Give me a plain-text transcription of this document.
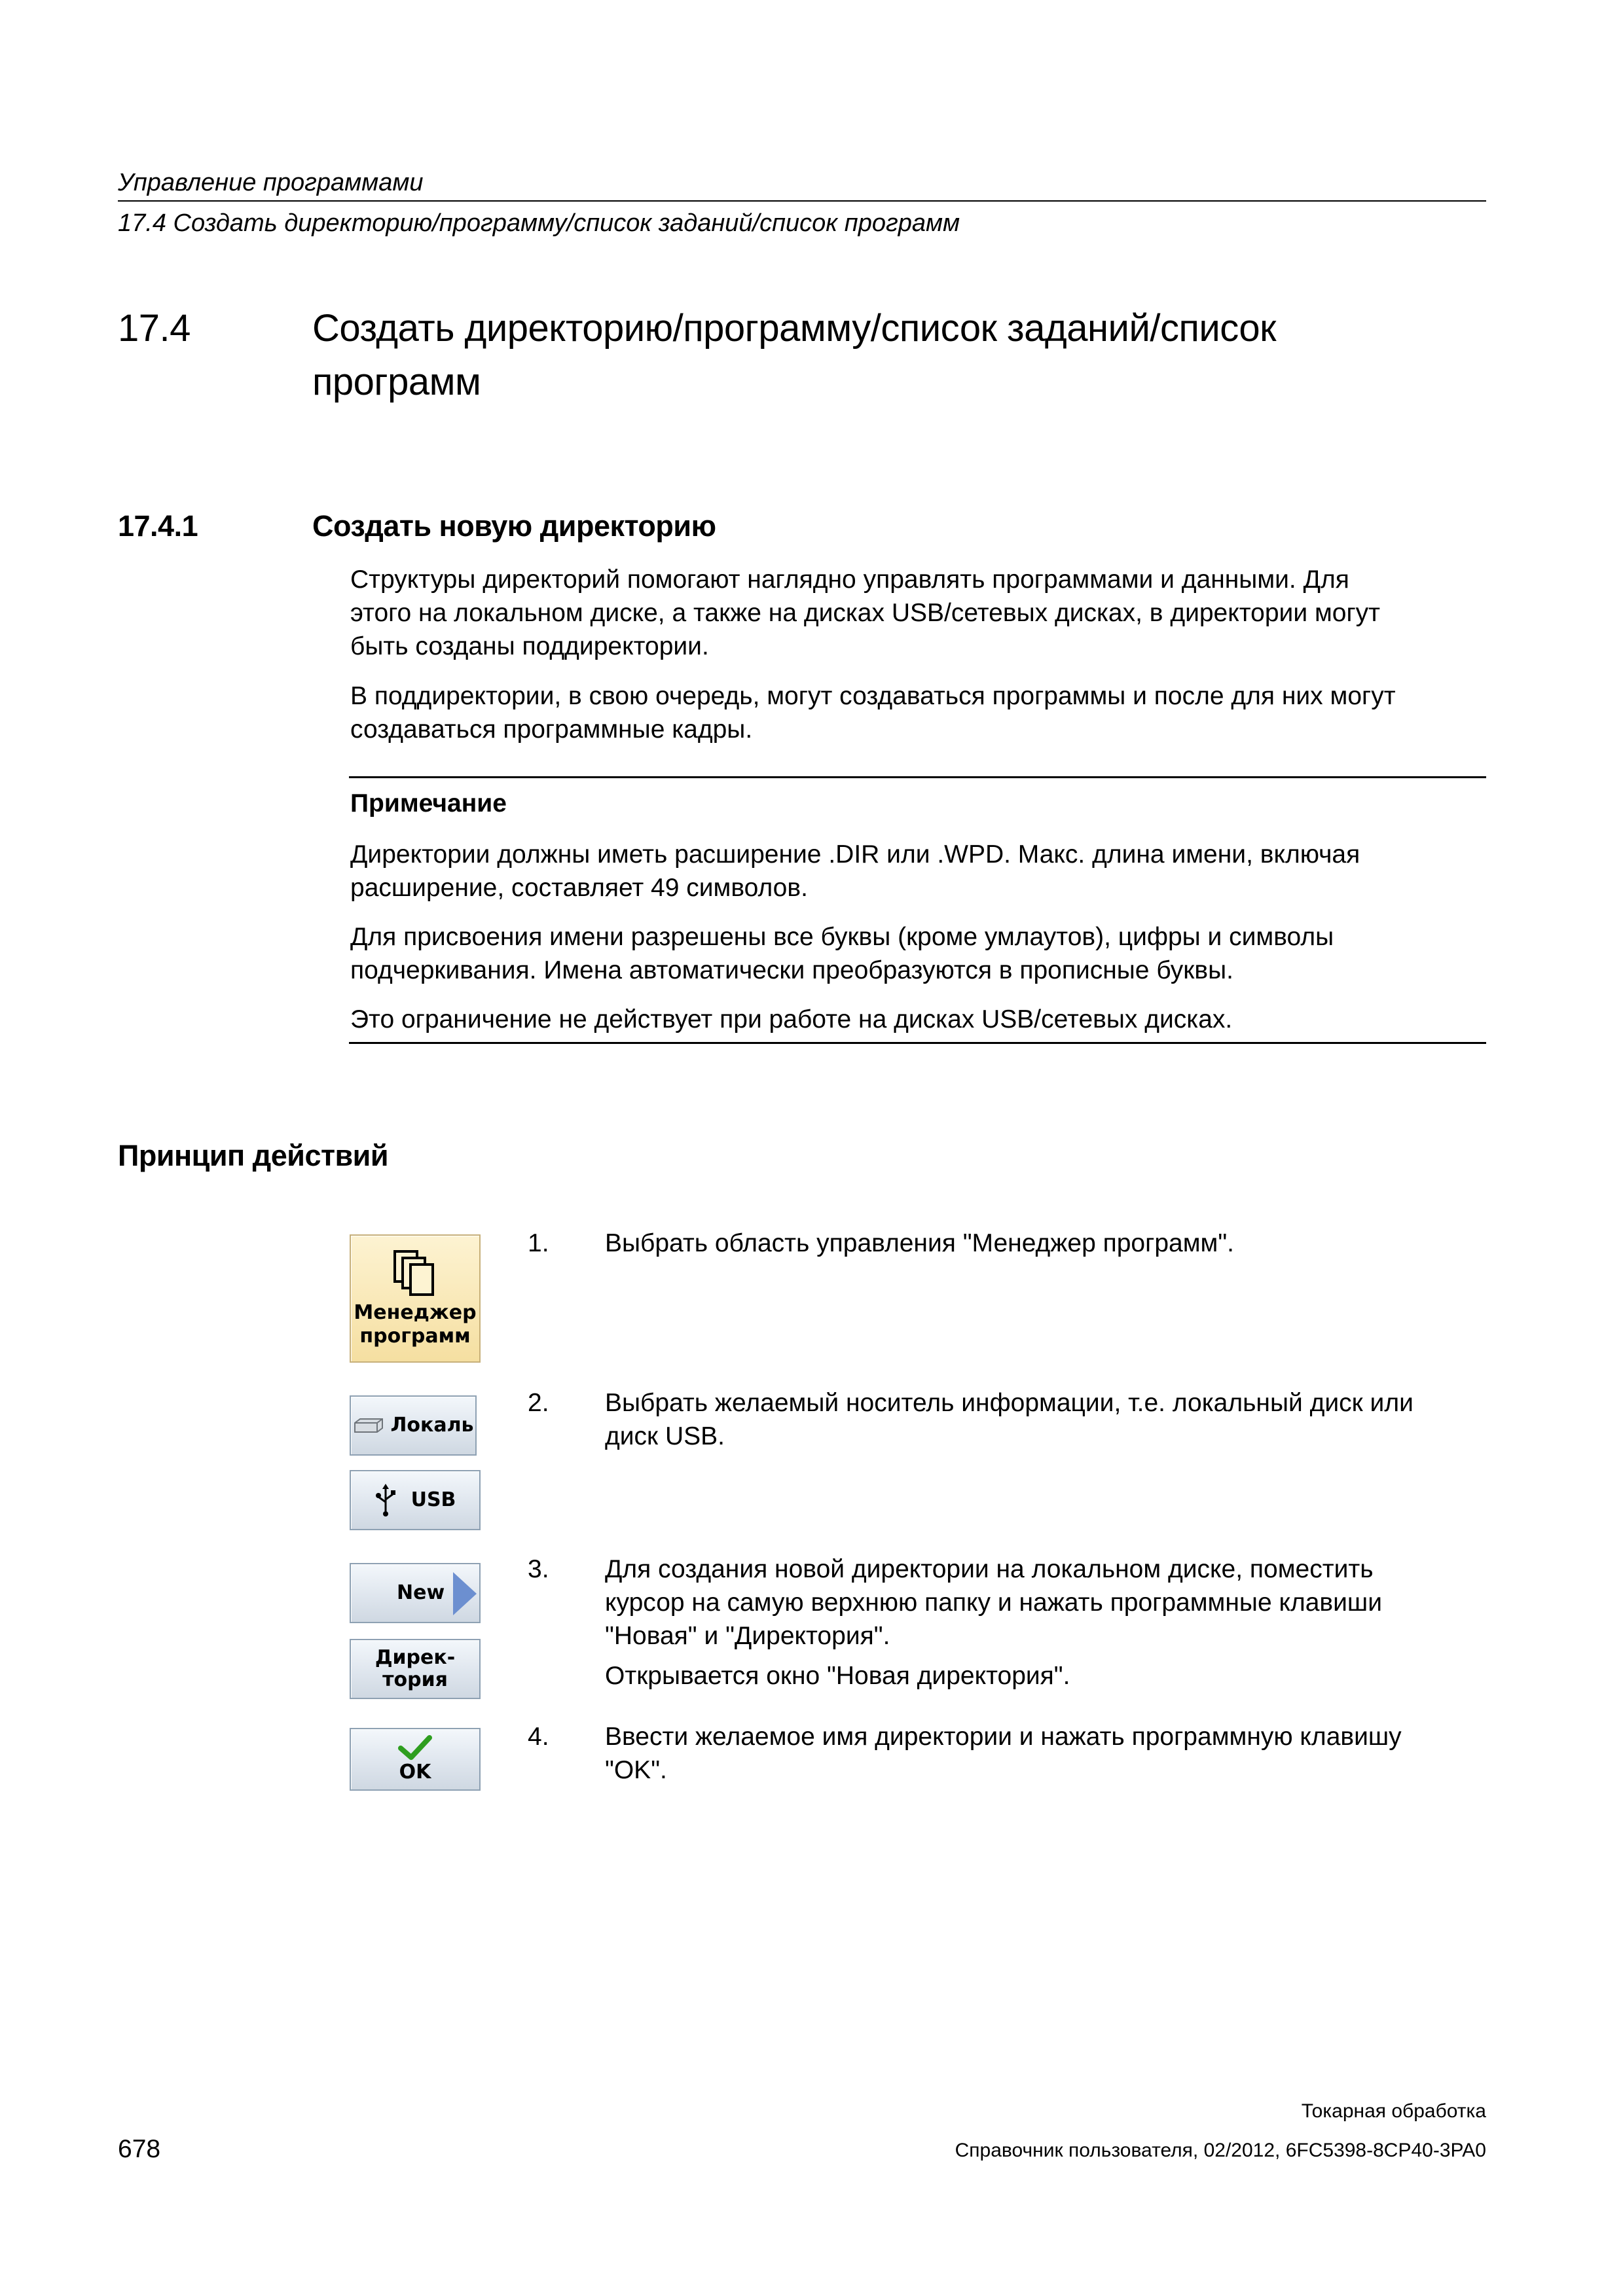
Управление программами
17.4 Создать директорию/программу/список заданий/список программ
17.4	Создать директорию/программу/список заданий/список
программ
17.4.1	Создать новую директорию
Структуры директорий помогают наглядно управлять программами и данными. Для
этого на локальном диске, а также на дисках USB/сетевых дисках, в директории могут
быть созданы поддиректории.
В поддиректории, в свою очередь, могут создаваться программы и после для них могут
создаваться программные кадры.
Примечание
Директории должны иметь расширение .DIR или .WPD. Макс. длина имени, включая
расширение, составляет 49 символов.
Для присвоения имени разрешены все буквы (кроме умлаутов), цифры и символы
подчеркивания. Имена автоматически преобразуются в прописные буквы.
Это ограничение не действует при работе на дисках USB/сетевых дисках.
Принцип действий
Менеджер
программ
Локаль
USB
New
Дирек-
тория
OK
1. Выбрать область управления "Менеджер программ".
2. Выбрать желаемый носитель информации, т.е. локальный диск или
диск USB.
3. Для создания новой директории на локальном диске, поместить
курсор на самую верхнюю папку и нажать программные клавиши
"Новая" и "Директория".
Открывается окно "Новая директория".
4. Ввести желаемое имя директории и нажать программную клавишу
"OK".
678
Токарная обработка
Справочник пользователя, 02/2012, 6FC5398-8CP40-3PA0
